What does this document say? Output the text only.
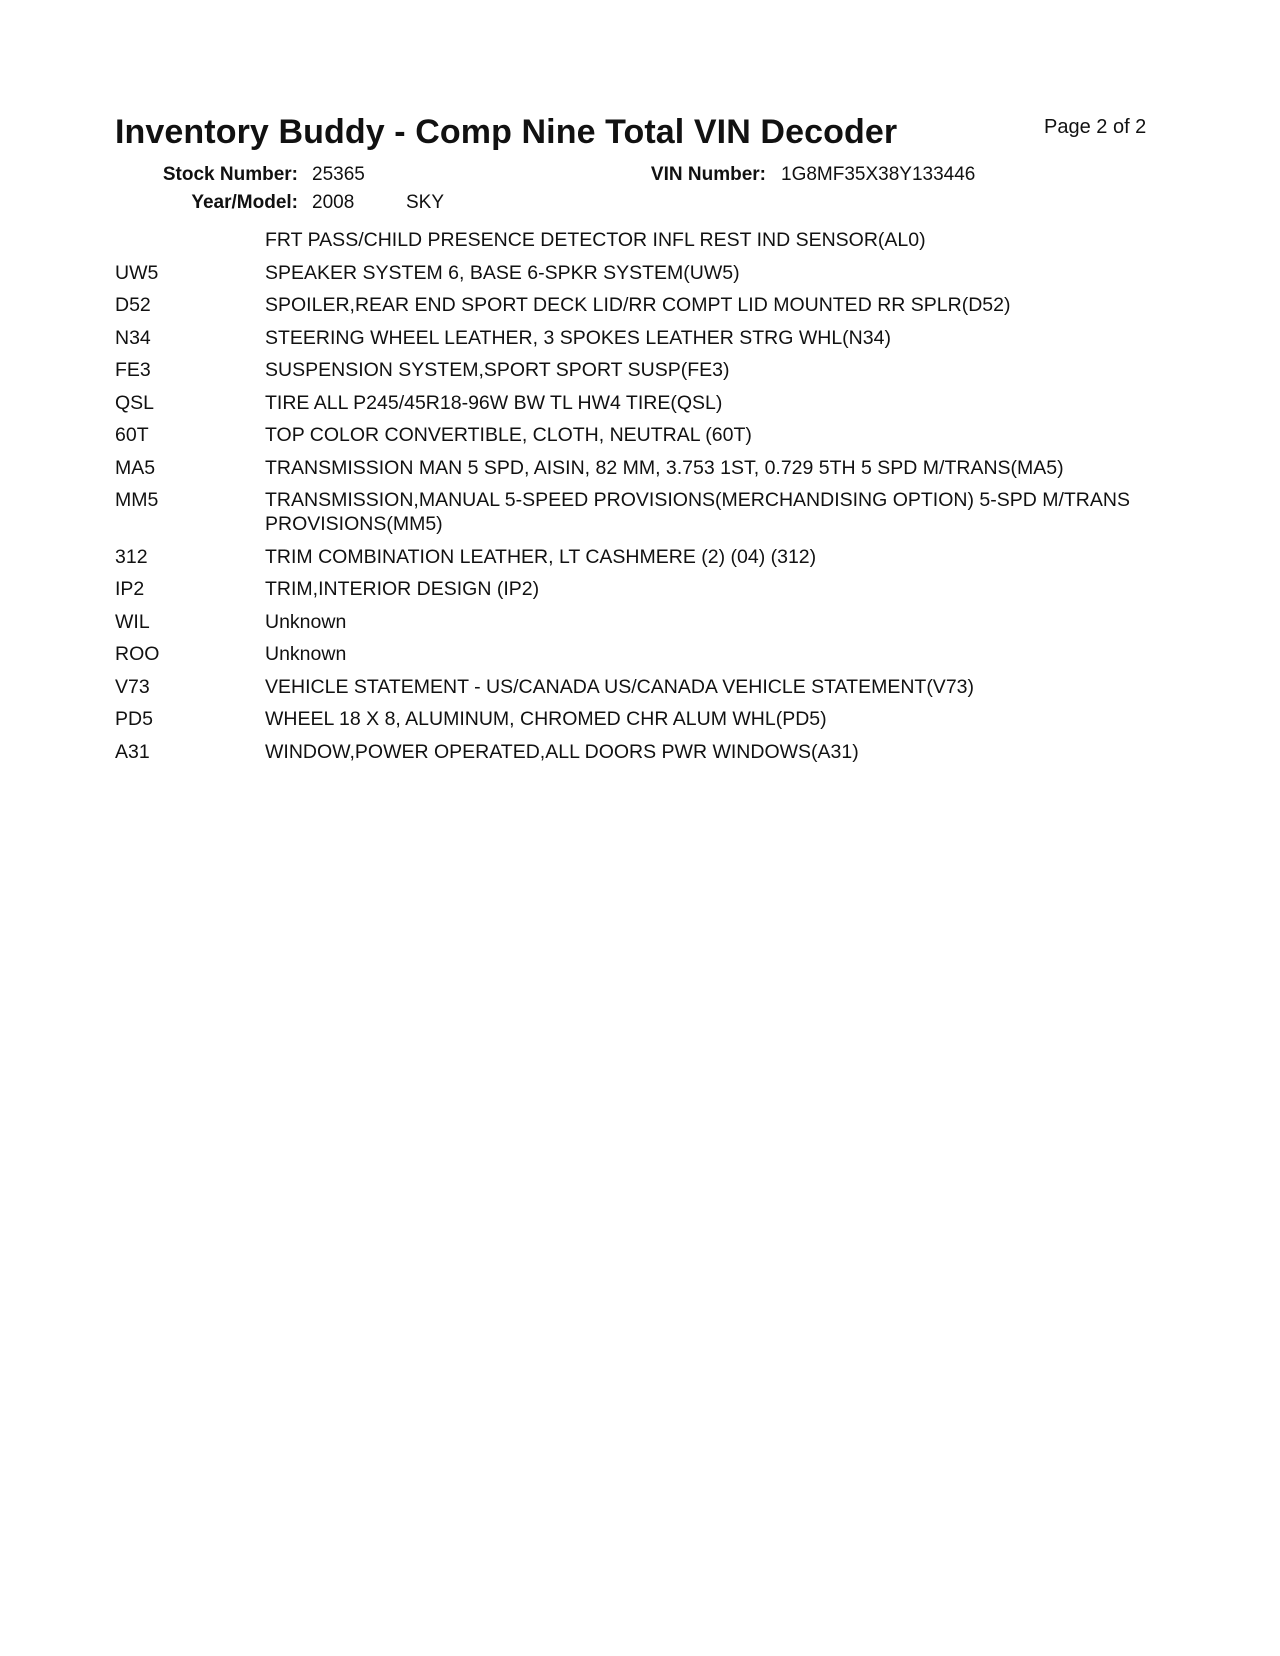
Inventory Buddy - Comp Nine Total VIN Decoder	Page 2 of 2
Stock Number: 25365	VIN Number: 1G8MF35X38Y133446
Year/Model: 2008	SKY
FRT PASS/CHILD PRESENCE DETECTOR INFL REST IND SENSOR(AL0)
UW5	SPEAKER SYSTEM 6, BASE 6-SPKR SYSTEM(UW5)
D52	SPOILER,REAR END SPORT DECK LID/RR COMPT LID MOUNTED RR SPLR(D52)
N34	STEERING WHEEL LEATHER, 3 SPOKES LEATHER STRG WHL(N34)
FE3	SUSPENSION SYSTEM,SPORT SPORT SUSP(FE3)
QSL	TIRE ALL P245/45R18-96W BW TL HW4 TIRE(QSL)
60T	TOP COLOR CONVERTIBLE, CLOTH, NEUTRAL (60T)
MA5	TRANSMISSION MAN 5 SPD, AISIN, 82 MM, 3.753 1ST, 0.729 5TH 5 SPD M/TRANS(MA5)
MM5	TRANSMISSION,MANUAL 5-SPEED PROVISIONS(MERCHANDISING OPTION) 5-SPD M/TRANS PROVISIONS(MM5)
312	TRIM COMBINATION LEATHER, LT CASHMERE (2) (04) (312)
IP2	TRIM,INTERIOR DESIGN (IP2)
WIL	Unknown
ROO	Unknown
V73	VEHICLE STATEMENT - US/CANADA US/CANADA VEHICLE STATEMENT(V73)
PD5	WHEEL 18 X 8, ALUMINUM, CHROMED CHR ALUM WHL(PD5)
A31	WINDOW,POWER OPERATED,ALL DOORS PWR WINDOWS(A31)
